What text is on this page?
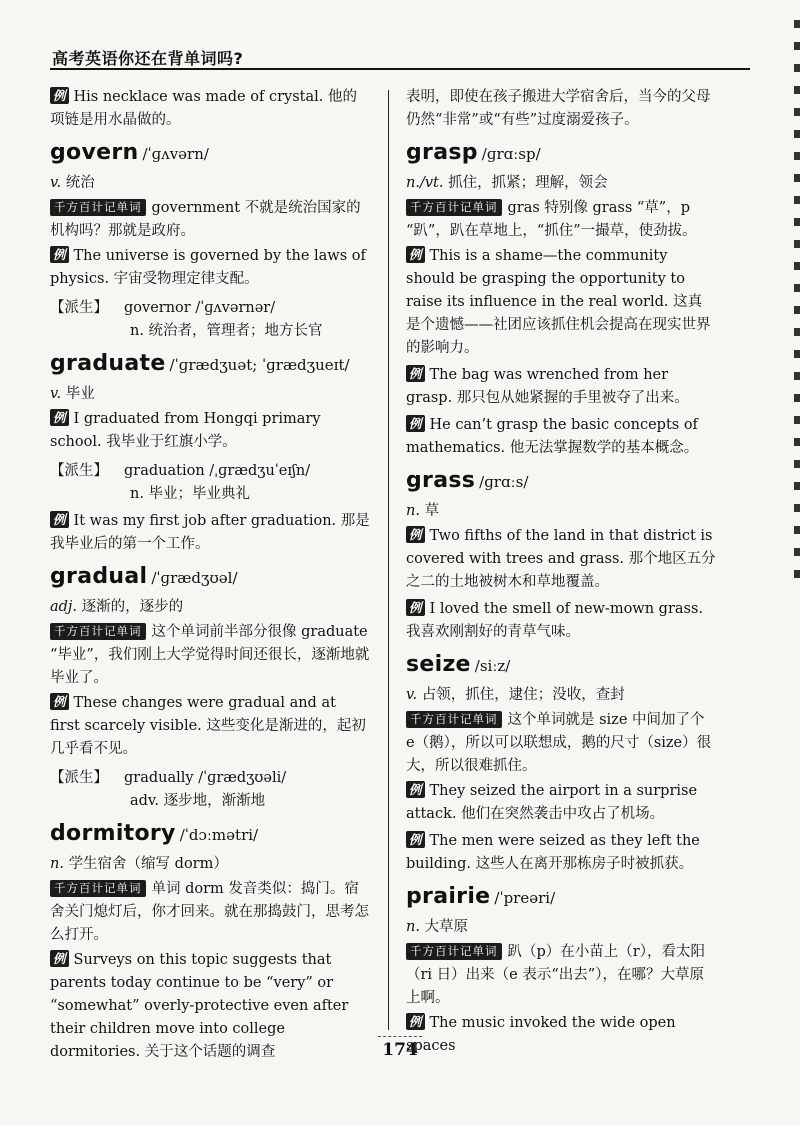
高考英语你还在背单词吗?

例 His necklace was made of crystal. 他的项链是用水晶做的。

govern /ˈɡʌvərn/

v. 统治

千方百计记单词 government 不就是统治国家的机构吗？那就是政府。

例 The universe is governed by the laws of physics. 宇宙受物理定律支配。

【派生】 governor /ˈɡʌvərnər/
n. 统治者，管理者；地方长官
graduate /ˈɡrædʒuət; ˈɡrædʒueɪt/

v. 毕业

例 I graduated from Hongqi primary school. 我毕业于红旗小学。

【派生】 graduation /ˌɡrædʒuˈeɪʃn/
n. 毕业；毕业典礼

例 It was my first job after graduation. 那是我毕业后的第一个工作。

gradual /ˈɡrædʒʊəl/

adj. 逐渐的，逐步的

千方百计记单词 这个单词前半部分很像 graduate “毕业”，我们刚上大学觉得时间还很长，逐渐地就毕业了。

例 These changes were gradual and at first scarcely visible. 这些变化是渐进的，起初几乎看不见。

【派生】 gradually /ˈɡrædʒʊəli/
adv. 逐步地，渐渐地
dormitory /ˈdɔːmətri/

n. 学生宿舍（缩写 dorm）

千方百计记单词 单词 dorm 发音类似：捣门。宿舍关门熄灯后，你才回来。就在那捣鼓门，思考怎么打开。

例 Surveys on this topic suggests that parents today continue to be “very” or “somewhat” overly-protective even after their children move into college dormitories. 关于这个话题的调查

表明，即使在孩子搬进大学宿舍后，当今的父母仍然“非常”或“有些”过度溺爱孩子。

grasp /ɡrɑːsp/

n./vt. 抓住，抓紧；理解，领会

千方百计记单词 gras 特别像 grass “草”，p “趴”，趴在草地上，“抓住”一撮草，使劲拔。

例 This is a shame—the community should be grasping the opportunity to raise its influence in the real world. 这真是个遗憾——社团应该抓住机会提高在现实世界的影响力。

例 The bag was wrenched from her grasp. 那只包从她紧握的手里被夺了出来。

例 He can’t grasp the basic concepts of mathematics. 他无法掌握数学的基本概念。

grass /ɡrɑːs/

n. 草

例 Two fifths of the land in that district is covered with trees and grass. 那个地区五分之二的土地被树木和草地覆盖。

例 I loved the smell of new-mown grass. 我喜欢刚割好的青草气味。

seize /siːz/

v. 占领，抓住，逮住；没收，查封

千方百计记单词 这个单词就是 size 中间加了个 e（鹅），所以可以联想成，鹅的尺寸（size）很大，所以很难抓住。

例 They seized the airport in a surprise attack. 他们在突然袭击中攻占了机场。

例 The men were seized as they left the building. 这些人在离开那栋房子时被抓获。

prairie /ˈpreəri/

n. 大草原

千方百计记单词 趴（p）在小苗上（r），看太阳（ri 日）出来（e 表示“出去”），在哪？大草原上啊。

例 The music invoked the wide open spaces

174
